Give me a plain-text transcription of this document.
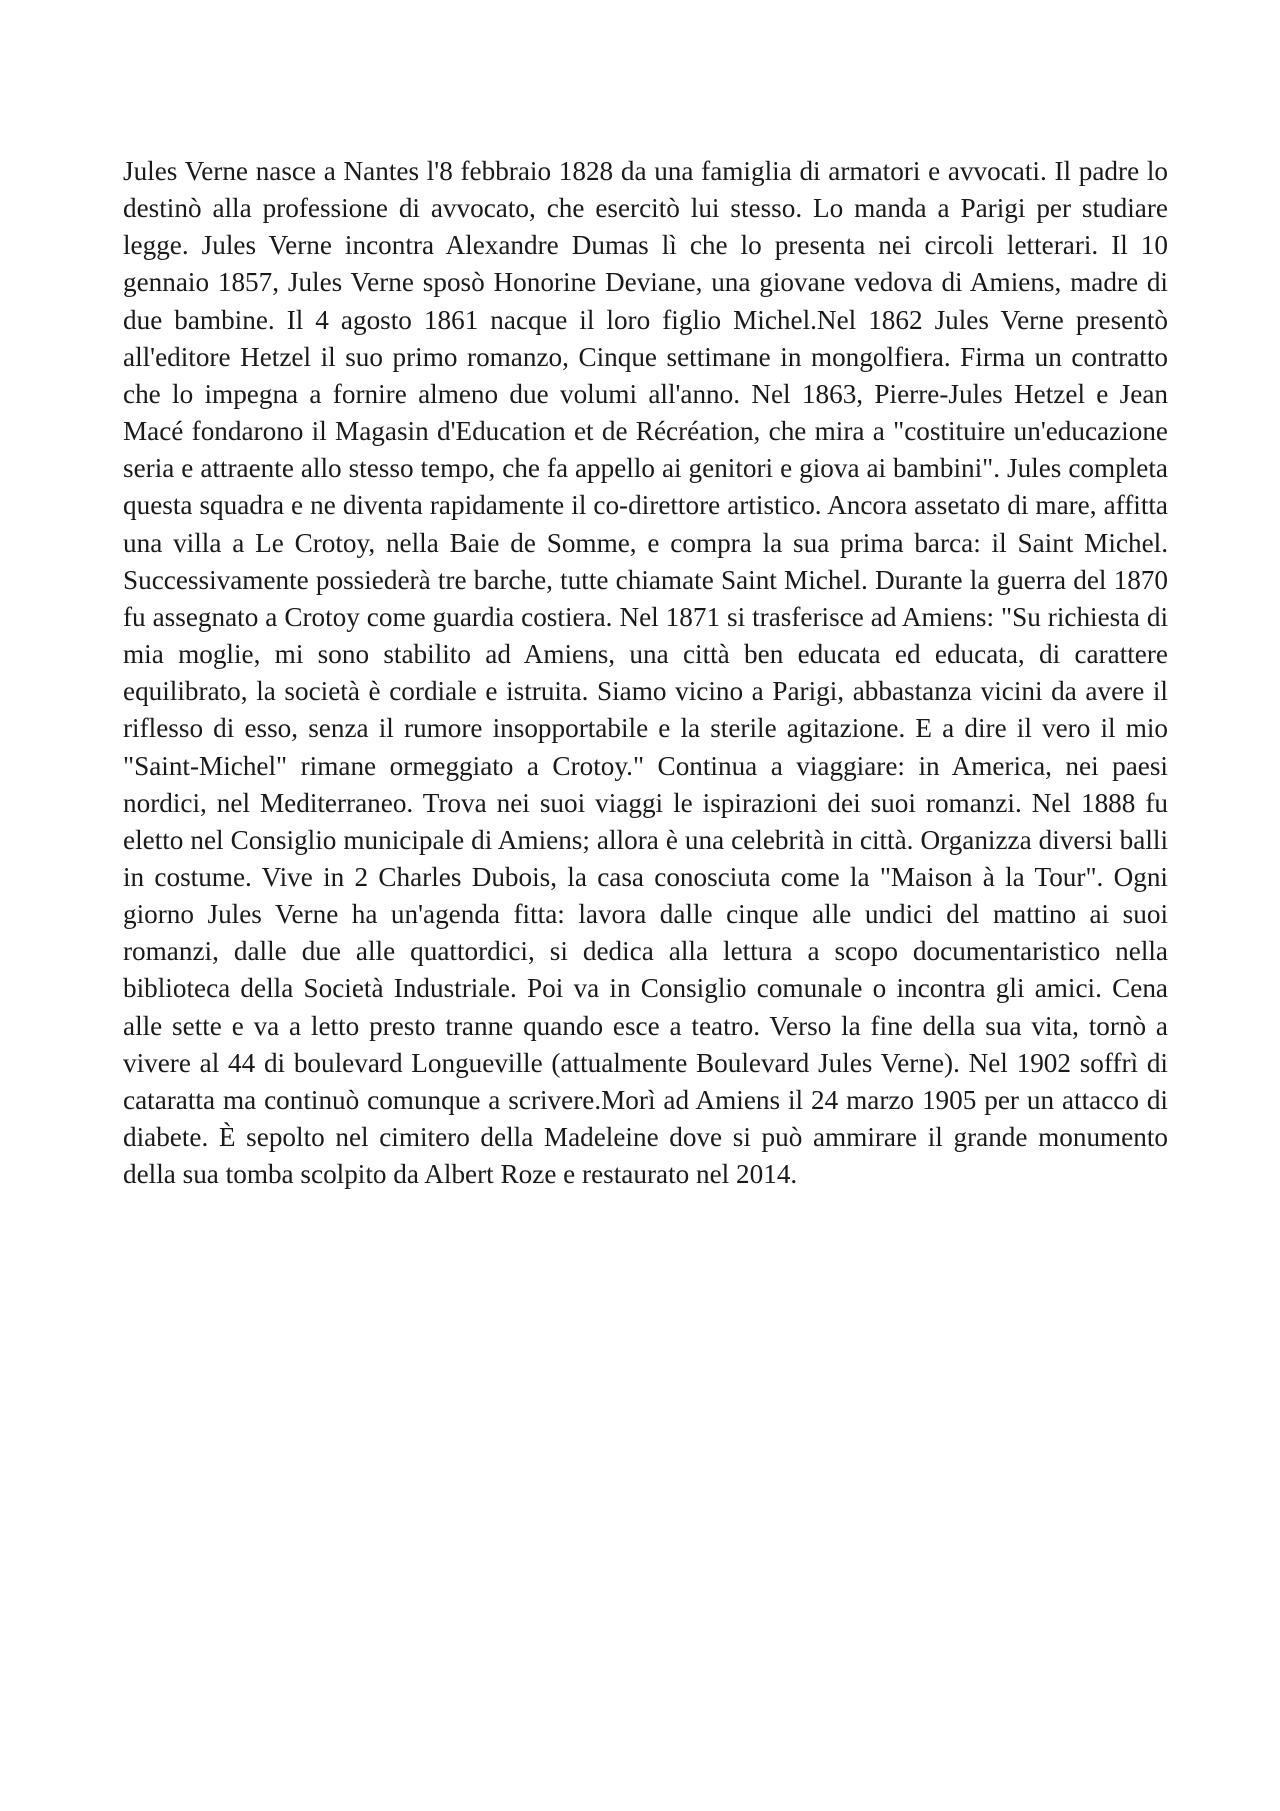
Jules Verne nasce a Nantes l'8 febbraio 1828 da una famiglia di armatori e avvocati. Il padre lo destinò alla professione di avvocato, che esercitò lui stesso. Lo manda a Parigi per studiare legge. Jules Verne incontra Alexandre Dumas lì che lo presenta nei circoli letterari. Il 10 gennaio 1857, Jules Verne sposò Honorine Deviane, una giovane vedova di Amiens, madre di due bambine. Il 4 agosto 1861 nacque il loro figlio Michel.Nel 1862 Jules Verne presentò all'editore Hetzel il suo primo romanzo, Cinque settimane in mongolfiera. Firma un contratto che lo impegna a fornire almeno due volumi all'anno. Nel 1863, Pierre-Jules Hetzel e Jean Macé fondarono il Magasin d'Education et de Récréation, che mira a "costituire un'educazione seria e attraente allo stesso tempo, che fa appello ai genitori e giova ai bambini". Jules completa questa squadra e ne diventa rapidamente il co-direttore artistico. Ancora assetato di mare, affitta una villa a Le Crotoy, nella Baie de Somme, e compra la sua prima barca: il Saint Michel. Successivamente possiederà tre barche, tutte chiamate Saint Michel. Durante la guerra del 1870 fu assegnato a Crotoy come guardia costiera. Nel 1871 si trasferisce ad Amiens: "Su richiesta di mia moglie, mi sono stabilito ad Amiens, una città ben educata ed educata, di carattere equilibrato, la società è cordiale e istruita. Siamo vicino a Parigi, abbastanza vicini da avere il riflesso di esso, senza il rumore insopportabile e la sterile agitazione. E a dire il vero il mio "Saint-Michel" rimane ormeggiato a Crotoy." Continua a viaggiare: in America, nei paesi nordici, nel Mediterraneo. Trova nei suoi viaggi le ispirazioni dei suoi romanzi. Nel 1888 fu eletto nel Consiglio municipale di Amiens; allora è una celebrità in città. Organizza diversi balli in costume. Vive in 2 Charles Dubois, la casa conosciuta come la "Maison à la Tour". Ogni giorno Jules Verne ha un'agenda fitta: lavora dalle cinque alle undici del mattino ai suoi romanzi, dalle due alle quattordici, si dedica alla lettura a scopo documentaristico nella biblioteca della Società Industriale. Poi va in Consiglio comunale o incontra gli amici. Cena alle sette e va a letto presto tranne quando esce a teatro. Verso la fine della sua vita, tornò a vivere al 44 di boulevard Longueville (attualmente Boulevard Jules Verne). Nel 1902 soffrì di cataratta ma continuò comunque a scrivere.Morì ad Amiens il 24 marzo 1905 per un attacco di diabete. È sepolto nel cimitero della Madeleine dove si può ammirare il grande monumento della sua tomba scolpito da Albert Roze e restaurato nel 2014.
